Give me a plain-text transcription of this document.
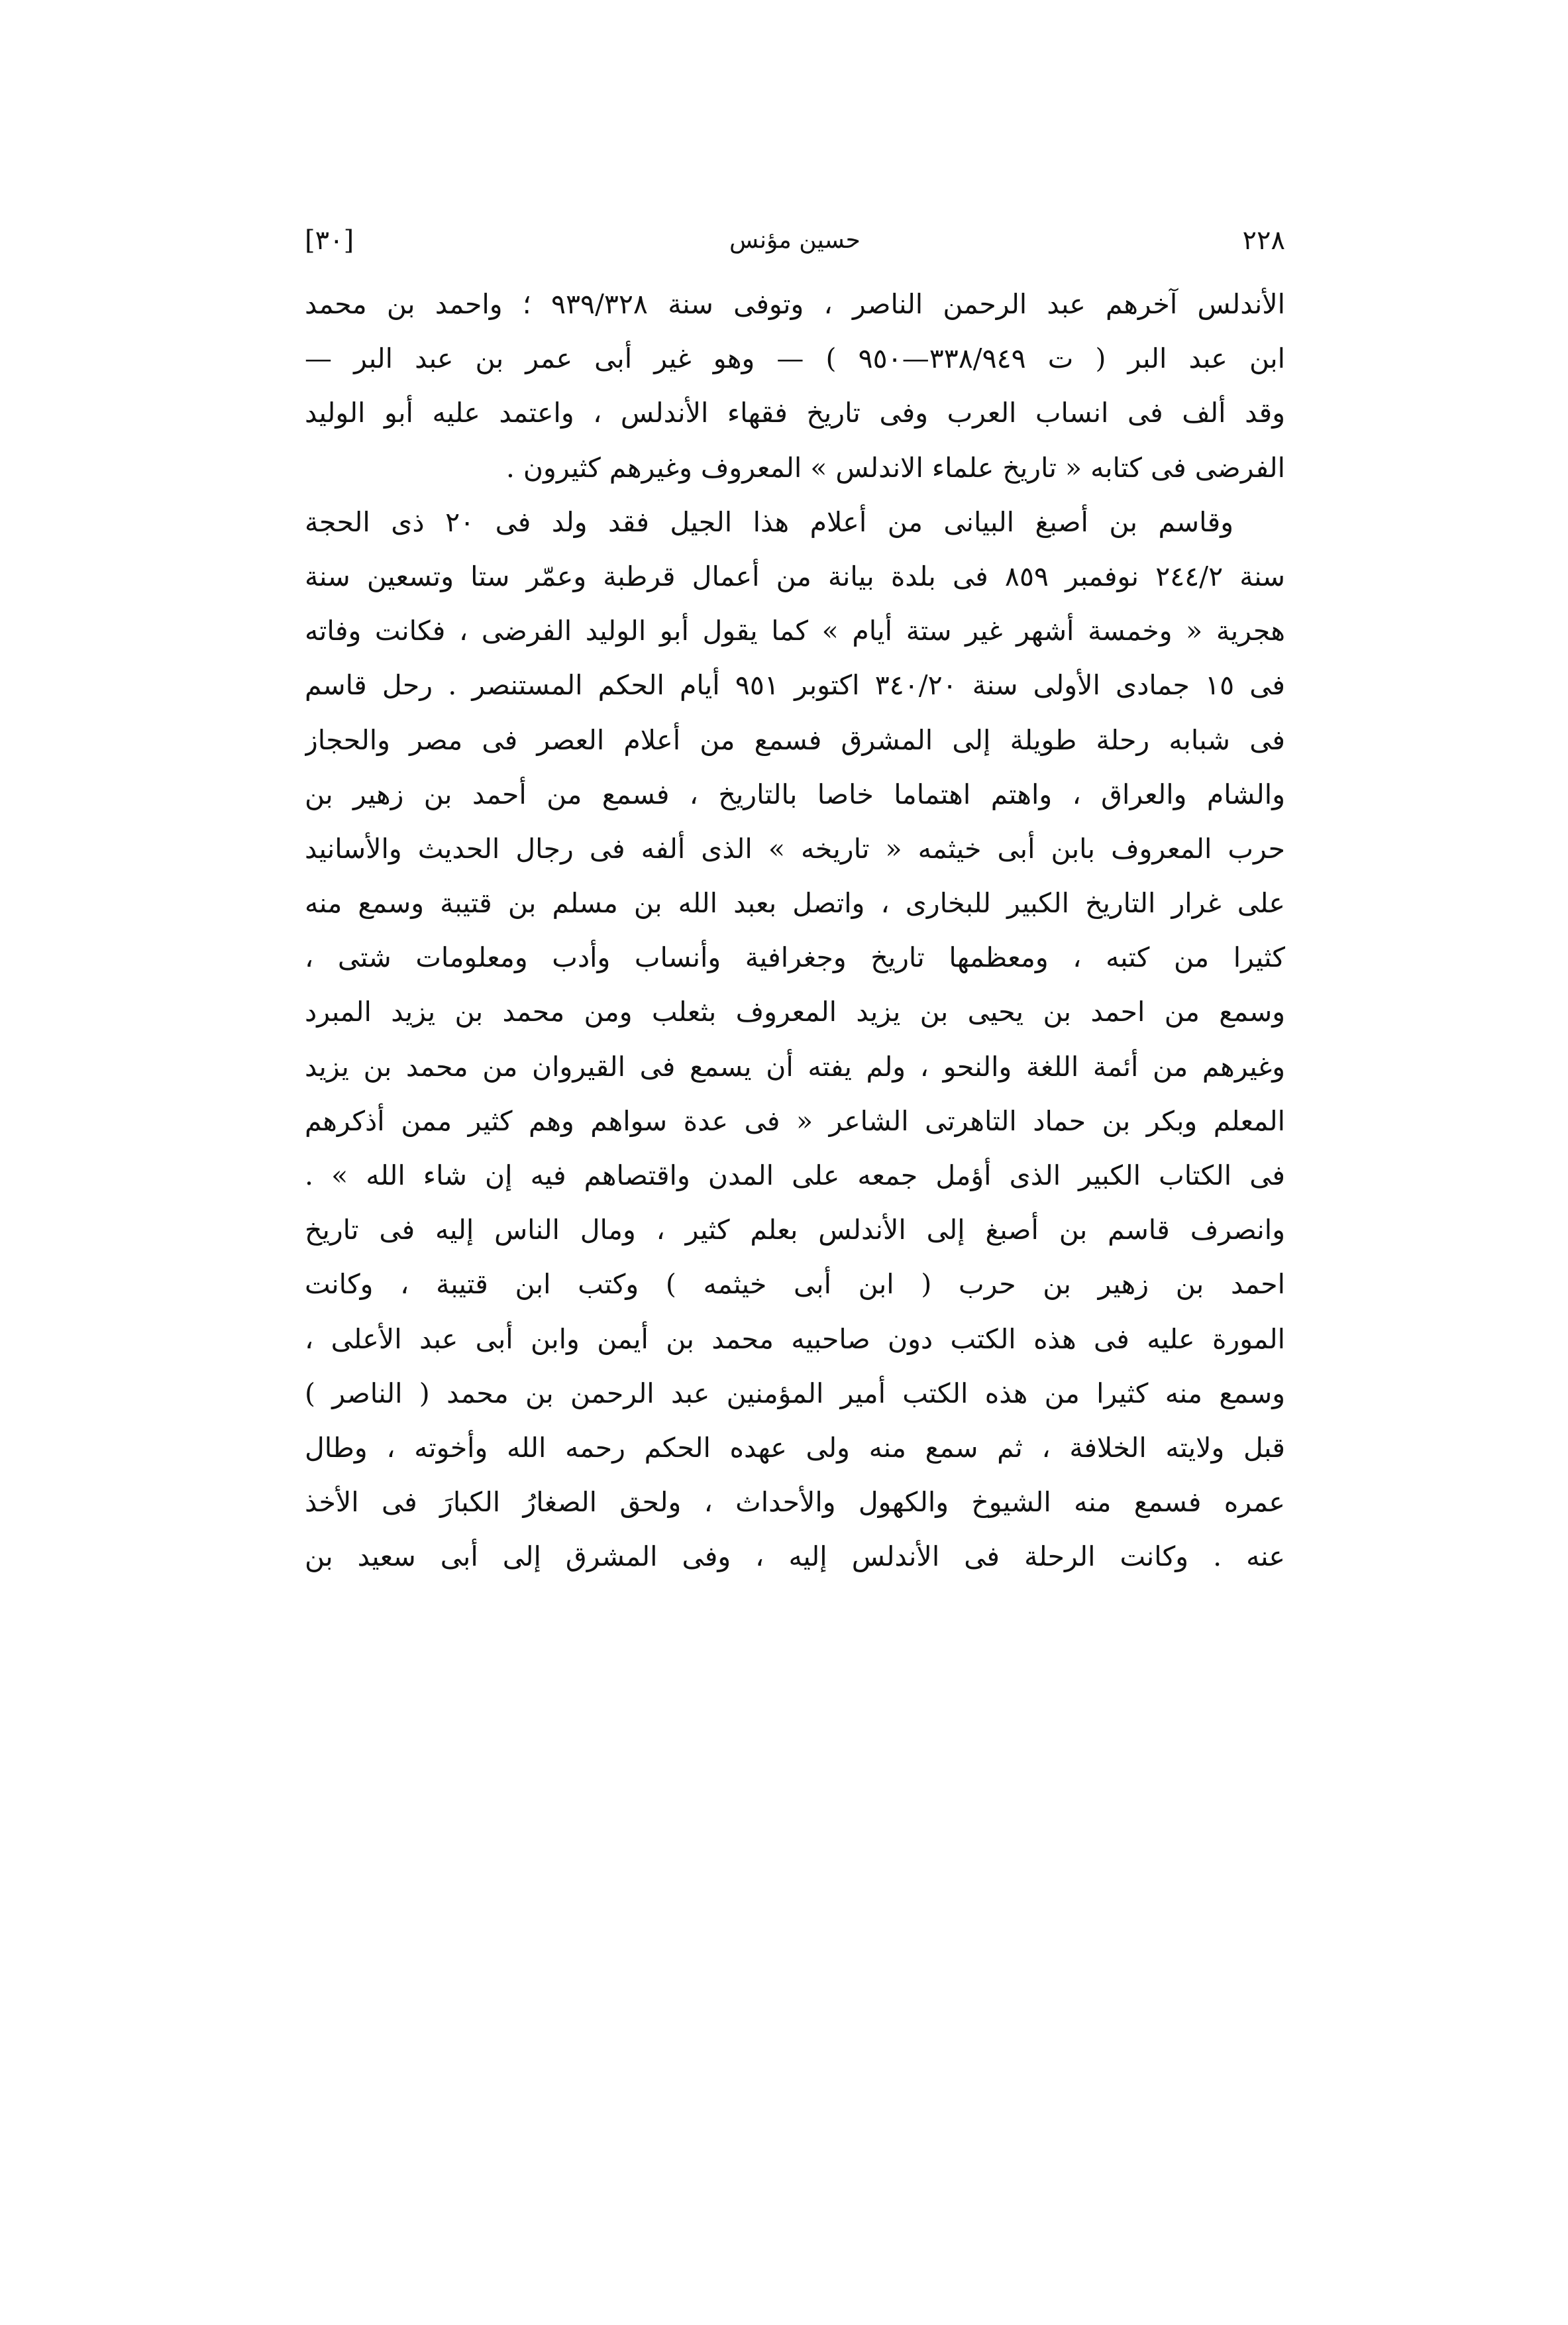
٢٢٨
حسين مؤنس
[٣٠]
الأندلس آخرهم عبد الرحمن الناصر ، وتوفى سنة ٩٣٩/٣٢٨ ؛ واحمد بن محمد
ابن عبد البر ( ت ٣٣٨/٩٤٩—٩٥٠ ) — وهو غير أبى عمر بن عبد البر —
وقد ألف فى انساب العرب وفى تاريخ فقهاء الأندلس ، واعتمد عليه أبو الوليد
الفرضى فى كتابه « تاريخ علماء الاندلس » المعروف وغيرهم كثيرون .
وقاسم بن أصبغ البيانى من أعلام هذا الجيل فقد ولد فى ٢٠ ذى الحجة
سنة ٢٤٤/٢ نوفمبر ٨٥٩ فى بلدة بيانة من أعمال قرطبة وعمّر ستا وتسعين سنة
هجرية « وخمسة أشهر غير ستة أيام » كما يقول أبو الوليد الفرضى ، فكانت وفاته
فى ١٥ جمادى الأولى سنة ٣٤٠/٢٠ اكتوبر ٩٥١ أيام الحكم المستنصر . رحل قاسم
فى شبابه رحلة طويلة إلى المشرق فسمع من أعلام العصر فى مصر والحجاز
والشام والعراق ، واهتم اهتماما خاصا بالتاريخ ، فسمع من أحمد بن زهير بن
حرب المعروف بابن أبى خيثمه « تاريخه » الذى ألفه فى رجال الحديث والأسانيد
على غرار التاريخ الكبير للبخارى ، واتصل بعبد الله بن مسلم بن قتيبة وسمع منه
كثيرا من كتبه ، ومعظمها تاريخ وجغرافية وأنساب وأدب ومعلومات شتى ،
وسمع من احمد بن يحيى بن يزيد المعروف بثعلب ومن محمد بن يزيد المبرد
وغيرهم من أئمة اللغة والنحو ، ولم يفته أن يسمع فى القيروان من محمد بن يزيد
المعلم وبكر بن حماد التاهرتى الشاعر « فى عدة سواهم وهم كثير ممن أذكرهم
فى الكتاب الكبير الذى أؤمل جمعه على المدن واقتصاهم فيه إن شاء الله » .
وانصرف قاسم بن أصبغ إلى الأندلس بعلم كثير ، ومال الناس إليه فى تاريخ
احمد بن زهير بن حرب ( ابن أبى خيثمه ) وكتب ابن قتيبة ، وكانت
المورة عليه فى هذه الكتب دون صاحبيه محمد بن أيمن وابن أبى عبد الأعلى ،
وسمع منه كثيرا من هذه الكتب أمير المؤمنين عبد الرحمن بن محمد ( الناصر )
قبل ولايته الخلافة ، ثم سمع منه ولى عهده الحكم رحمه الله وأخوته ، وطال
عمره فسمع منه الشيوخ والكهول والأحداث ، ولحق الصغارُ الكبارَ فى الأخذ
عنه . وكانت الرحلة فى الأندلس إليه ، وفى المشرق إلى أبى سعيد بن
